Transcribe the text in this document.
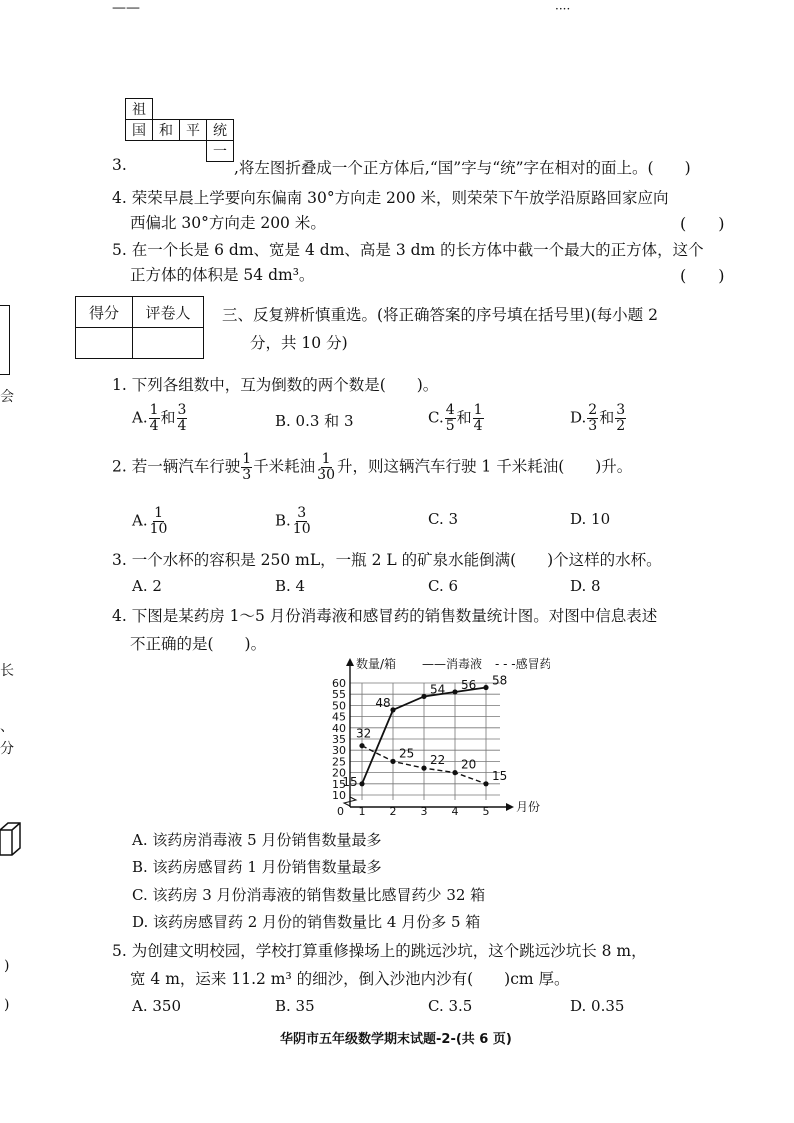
——	····
会
长
、
分
)
)
祖			
国	和	平	统
			一
3.	,将左图折叠成一个正方体后,“国”字与“统”字在相对的面上。(　　)
4. 荣荣早晨上学要向东偏南 30°方向走 200 米，则荣荣下午放学沿原路回家应向
西偏北 30°方向走 200 米。	(　　)
5. 在一个长是 6 dm、宽是 4 dm、高是 3 dm 的长方体中截一个最大的正方体，这个
正方体的体积是 54 dm³。	(　　)
得分	评卷人
	三、反复辨析慎重选。(将正确答案的序号填在括号里)(每小题 2
分，共 10 分)
1. 下列各组数中，互为倒数的两个数是(　　)。
A. $\frac{1}{4}$ 和 $\frac{3}{4}$	B. 0.3 和 3	C. $\frac{4}{5}$ 和 $\frac{1}{4}$	D. $\frac{2}{3}$ 和 $\frac{3}{2}$
2. 若一辆汽车行驶 $\frac{1}{3}$ 千米耗油 $\frac{1}{30}$ 升，则这辆汽车行驶 1 千米耗油(　　)升。
A. $\frac{1}{10}$	B. $\frac{3}{10}$	C. 3	D. 10
3. 一个水杯的容积是 250 mL，一瓶 2 L 的矿泉水能倒满(　　)个这样的水杯。
A. 2	B. 4	C. 6	D. 8
4. 下图是某药房 1～5 月份消毒液和感冒药的销售数量统计图。对图中信息表述
不正确的是(　　)。
10
15
20
25
30
35
40
45
50
55
60
1 2 3 4 5
0
数量/箱
月份
——消毒液 - - -感冒药
15
48
54 56 58
32
25 22 20
15
A. 该药房消毒液 5 月份销售数量最多
B. 该药房感冒药 1 月份销售数量最多
C. 该药房 3 月份消毒液的销售数量比感冒药少 32 箱
D. 该药房感冒药 2 月份的销售数量比 4 月份多 5 箱
5. 为创建文明校园，学校打算重修操场上的跳远沙坑，这个跳远沙坑长 8 m，
宽 4 m，运来 11.2 m³ 的细沙，倒入沙池内沙有(　　)cm 厚。
A. 350	B. 35	C. 3.5	D. 0.35
华阴市五年级数学期末试题-2-(共 6 页)
